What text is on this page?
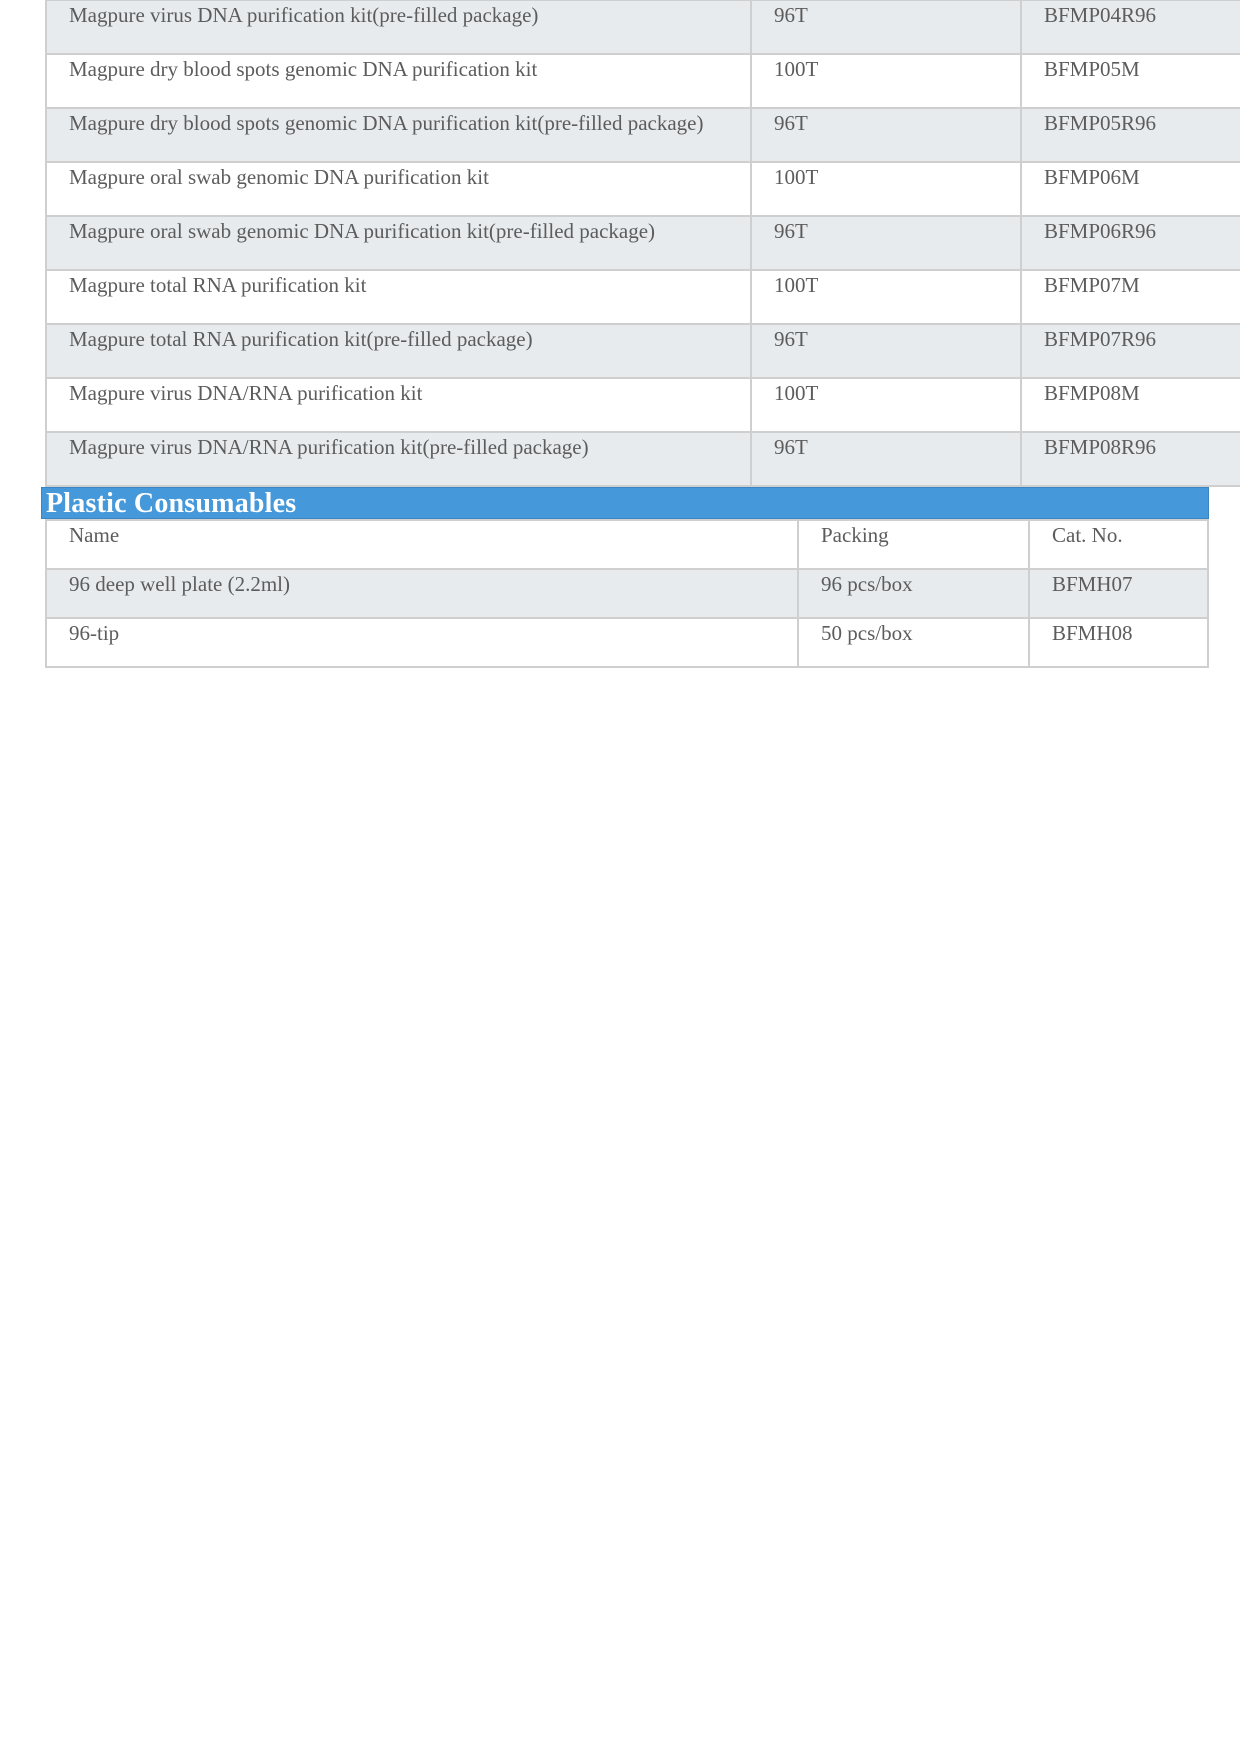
Magpure virus DNA purification kit(pre-filled package)	96T	BFMP04R96
Magpure dry blood spots genomic DNA purification kit	100T	BFMP05M
Magpure dry blood spots genomic DNA purification kit(pre-filled package)	96T	BFMP05R96
Magpure oral swab genomic DNA purification kit	100T	BFMP06M
Magpure oral swab genomic DNA purification kit(pre-filled package)	96T	BFMP06R96
Magpure total RNA purification kit	100T	BFMP07M
Magpure total RNA purification kit(pre-filled package)	96T	BFMP07R96
Magpure virus DNA/RNA purification kit	100T	BFMP08M
Magpure virus DNA/RNA purification kit(pre-filled package)	96T	BFMP08R96
Plastic Consumables
Name	Packing	Cat. No.
96 deep well plate (2.2ml)	96 pcs/box	BFMH07
96-tip	50 pcs/box	BFMH08
